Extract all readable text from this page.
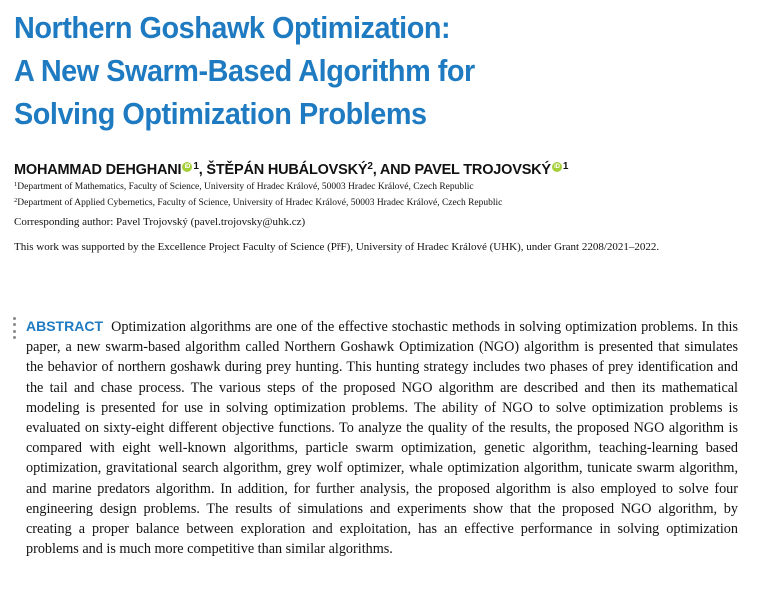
Northern Goshawk Optimization:
A New Swarm-Based Algorithm for
Solving Optimization Problems
MOHAMMAD DEHGHANI iD $^1$, ŠTĚPÁN HUBÁLOVSKÝ$^2$, AND PAVEL TROJOVSKÝ iD $^1$
$^1$Department of Mathematics, Faculty of Science, University of Hradec Králové, 50003 Hradec Králové, Czech Republic
$^2$Department of Applied Cybernetics, Faculty of Science, University of Hradec Králové, 50003 Hradec Králové, Czech Republic
Corresponding author: Pavel Trojovský (pavel.trojovsky@uhk.cz)
This work was supported by the Excellence Project Faculty of Science (PřF), University of Hradec Králové (UHK), under Grant 2208/2021–2022.
ABSTRACT Optimization algorithms are one of the effective stochastic methods in solving optimization problems. In this paper, a new swarm-based algorithm called Northern Goshawk Optimization (NGO) algorithm is presented that simulates the behavior of northern goshawk during prey hunting. This hunting strategy includes two phases of prey identification and the tail and chase process. The various steps of the proposed NGO algorithm are described and then its mathematical modeling is presented for use in solving optimization problems. The ability of NGO to solve optimization problems is evaluated on sixty-eight different objective functions. To analyze the quality of the results, the proposed NGO algorithm is compared with eight well-known algorithms, particle swarm optimization, genetic algorithm, teaching-learning based optimization, gravitational search algorithm, grey wolf optimizer, whale optimization algorithm, tunicate swarm algorithm, and marine predators algorithm. In addition, for further analysis, the proposed algorithm is also employed to solve four engineering design problems. The results of simulations and experiments show that the proposed NGO algorithm, by creating a proper balance between exploration and exploitation, has an effective performance in solving optimization problems and is much more competitive than similar algorithms.
